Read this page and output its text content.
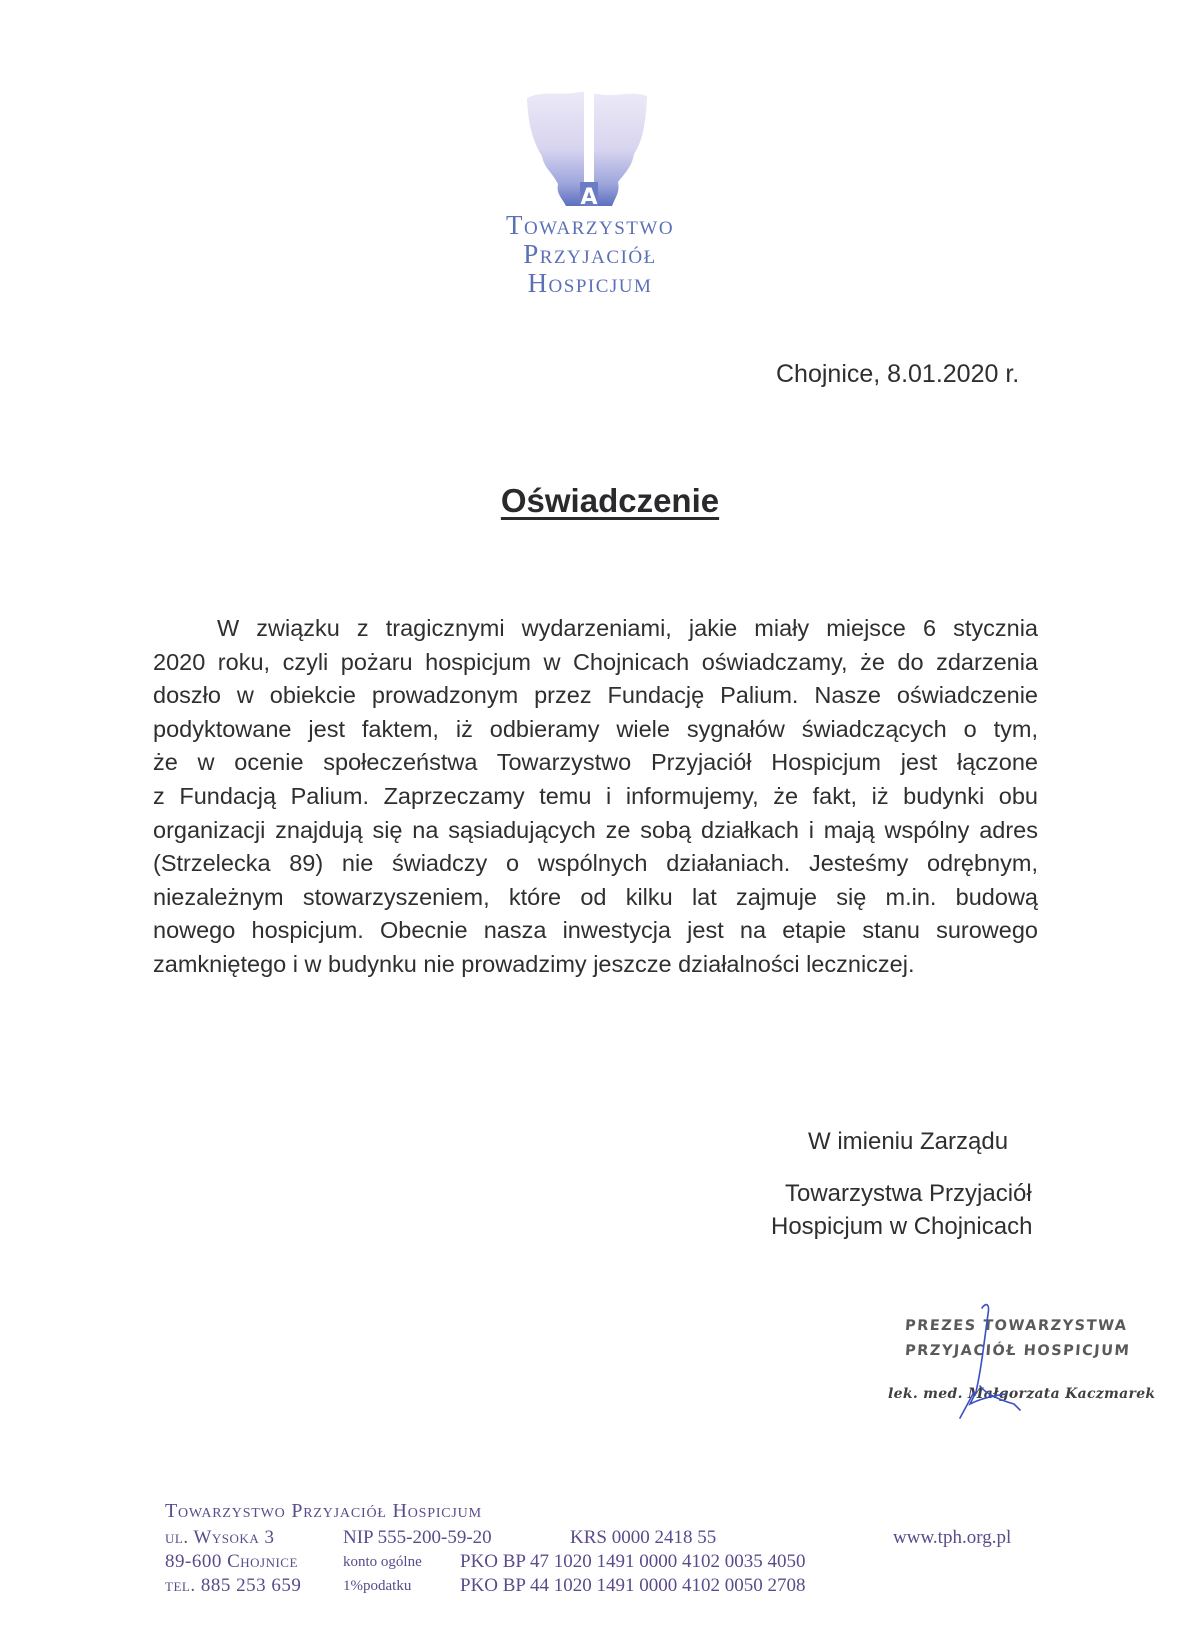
A
Towarzystwo
Przyjaciół
Hospicjum
Chojnice, 8.01.2020 r.
Oświadczenie
W związku z tragicznymi wydarzeniami, jakie miały miejsce 6 stycznia
2020 roku, czyli pożaru hospicjum w Chojnicach oświadczamy, że do zdarzenia
doszło w obiekcie prowadzonym przez Fundację Palium. Nasze oświadczenie
podyktowane jest faktem, iż odbieramy wiele sygnałów świadczących o tym,
że w ocenie społeczeństwa Towarzystwo Przyjaciół Hospicjum jest łączone
z Fundacją Palium. Zaprzeczamy temu i informujemy, że fakt, iż budynki obu
organizacji znajdują się na sąsiadujących ze sobą działkach i mają wspólny adres
(Strzelecka 89) nie świadczy o wspólnych działaniach. Jesteśmy odrębnym,
niezależnym stowarzyszeniem, które od kilku lat zajmuje się m.in. budową
nowego hospicjum. Obecnie nasza inwestycja jest na etapie stanu surowego
zamkniętego i w budynku nie prowadzimy jeszcze działalności leczniczej.
W imieniu Zarządu
Towarzystwa Przyjaciół
Hospicjum w Chojnicach
PREZES TOWARZYSTWA
PRZYJACIÓŁ HOSPICJUM
lek. med. Małgorzata Kaczmarek
Towarzystwo Przyjaciół Hospicjum
ul. Wysoka 3
89-600 Chojnice
tel. 885 253 659
NIP 555-200-59-20	KRS 0000 2418 55
konto ogólne PKO BP 47 1020 1491 0000 4102 0035 4050
1%podatku	PKO BP 44 1020 1491 0000 4102 0050 2708
www.tph.org.pl
